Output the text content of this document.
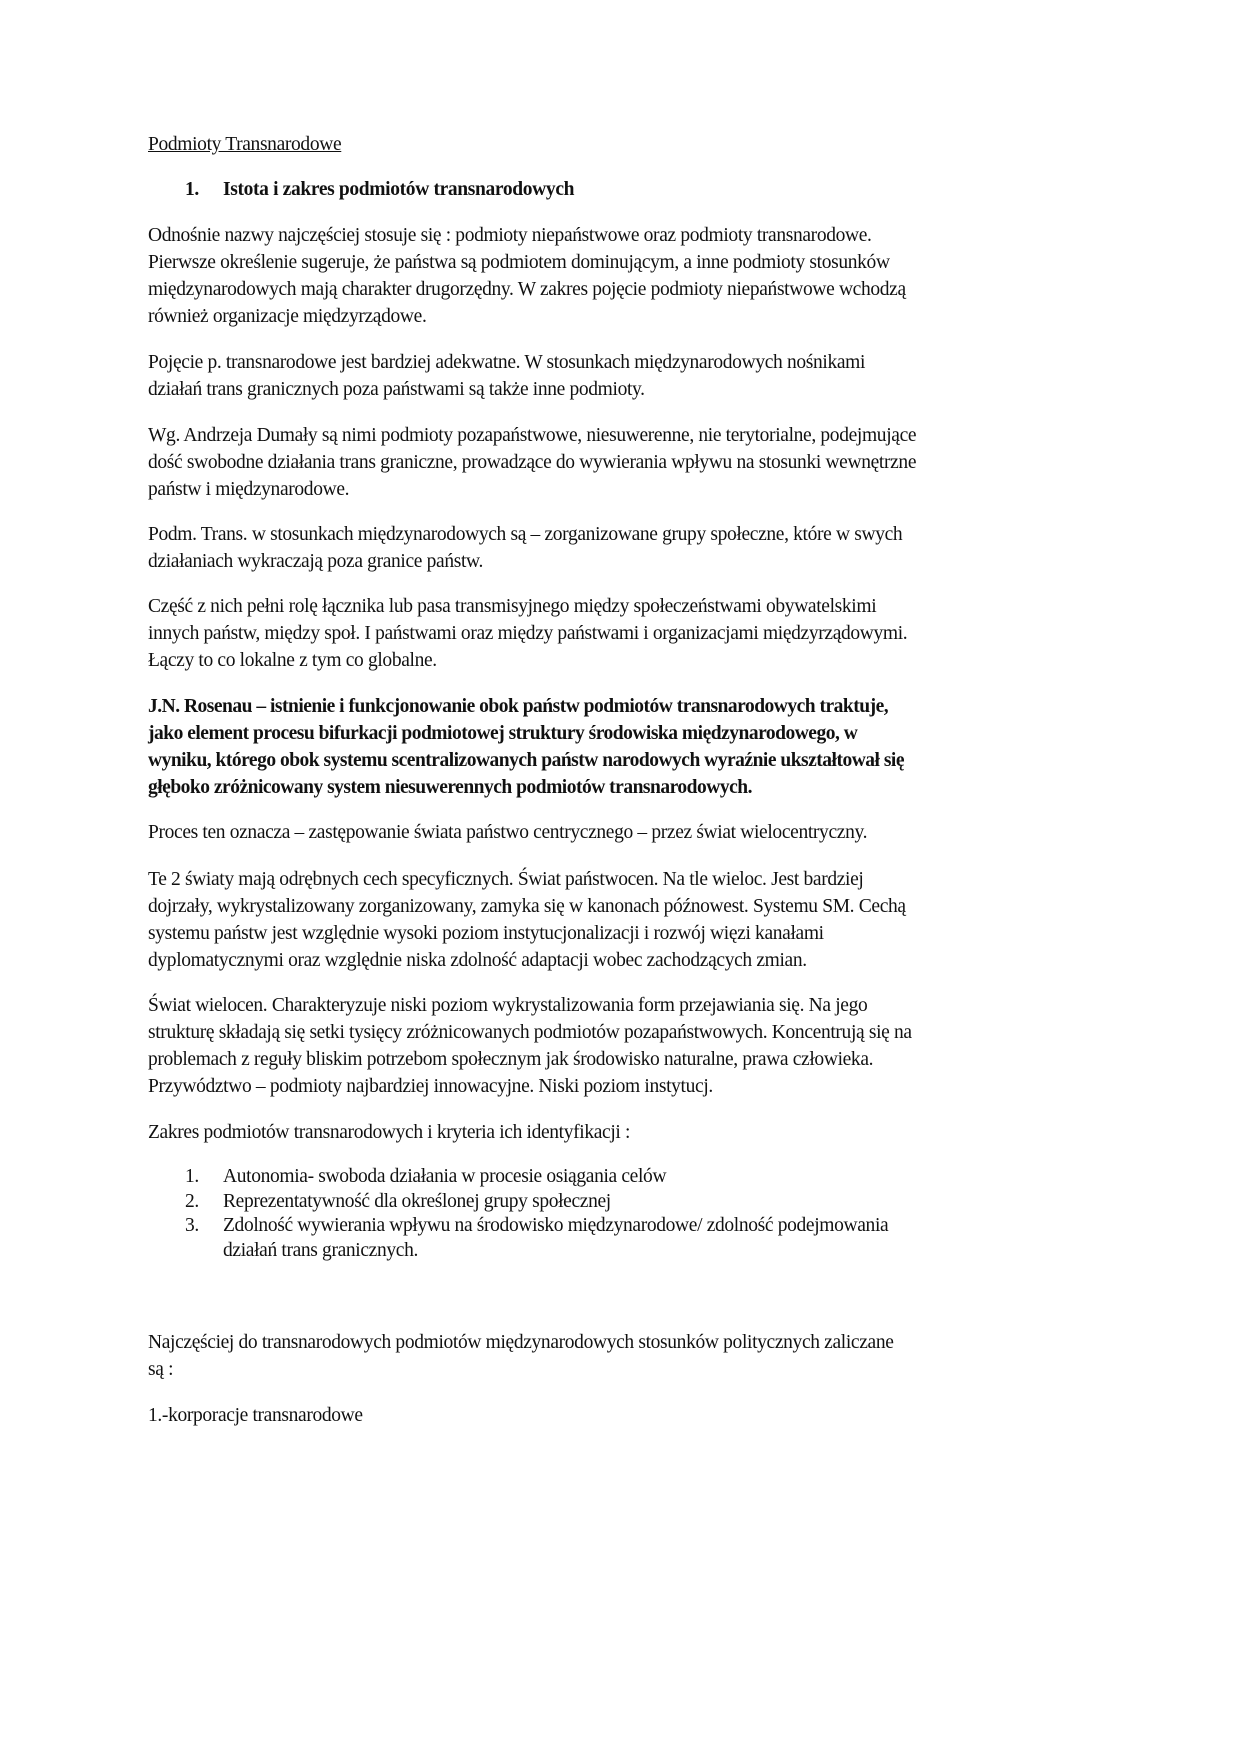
Podmioty Transnarodowe
1. Istota i zakres podmiotów transnarodowych
Odnośnie nazwy najczęściej stosuje się : podmioty niepaństwowe oraz podmioty transnarodowe.
Pierwsze określenie sugeruje, że państwa są podmiotem dominującym, a inne podmioty stosunków
międzynarodowych mają charakter drugorzędny. W zakres pojęcie podmioty niepaństwowe wchodzą
również organizacje międzyrządowe.
Pojęcie p. transnarodowe jest bardziej adekwatne. W stosunkach międzynarodowych nośnikami
działań trans granicznych poza państwami są także inne podmioty.
Wg. Andrzeja Dumały są nimi podmioty pozapaństwowe, niesuwerenne, nie terytorialne, podejmujące
dość swobodne działania trans graniczne, prowadzące do wywierania wpływu na stosunki wewnętrzne
państw i międzynarodowe.
Podm. Trans. w stosunkach międzynarodowych są – zorganizowane grupy społeczne, które w swych
działaniach wykraczają poza granice państw.
Część z nich pełni rolę łącznika lub pasa transmisyjnego między społeczeństwami obywatelskimi
innych państw, między społ. I państwami oraz między państwami i organizacjami międzyrządowymi.
Łączy to co lokalne z tym co globalne.
J.N. Rosenau – istnienie i funkcjonowanie obok państw podmiotów transnarodowych traktuje,
jako element procesu bifurkacji podmiotowej struktury środowiska międzynarodowego, w
wyniku, którego obok systemu scentralizowanych państw narodowych wyraźnie ukształtował się
głęboko zróżnicowany system niesuwerennych podmiotów transnarodowych.
Proces ten oznacza – zastępowanie świata państwo centrycznego – przez świat wielocentryczny.
Te 2 światy mają odrębnych cech specyficznych. Świat państwocen. Na tle wieloc. Jest bardziej
dojrzały, wykrystalizowany zorganizowany, zamyka się w kanonach późnowest. Systemu SM. Cechą
systemu państw jest względnie wysoki poziom instytucjonalizacji i rozwój więzi kanałami
dyplomatycznymi oraz względnie niska zdolność adaptacji wobec zachodzących zmian.
Świat wielocen. Charakteryzuje niski poziom wykrystalizowania form przejawiania się. Na jego
strukturę składają się setki tysięcy zróżnicowanych podmiotów pozapaństwowych. Koncentrują się na
problemach z reguły bliskim potrzebom społecznym jak środowisko naturalne, prawa człowieka.
Przywództwo – podmioty najbardziej innowacyjne. Niski poziom instytucj.
Zakres podmiotów transnarodowych i kryteria ich identyfikacji :
1.	Autonomia- swoboda działania w procesie osiągania celów
2.	Reprezentatywność dla określonej grupy społecznej
3.	Zdolność wywierania wpływu na środowisko międzynarodowe/ zdolność podejmowania
działań trans granicznych.
Najczęściej do transnarodowych podmiotów międzynarodowych stosunków politycznych zaliczane
są :
1.-korporacje transnarodowe
